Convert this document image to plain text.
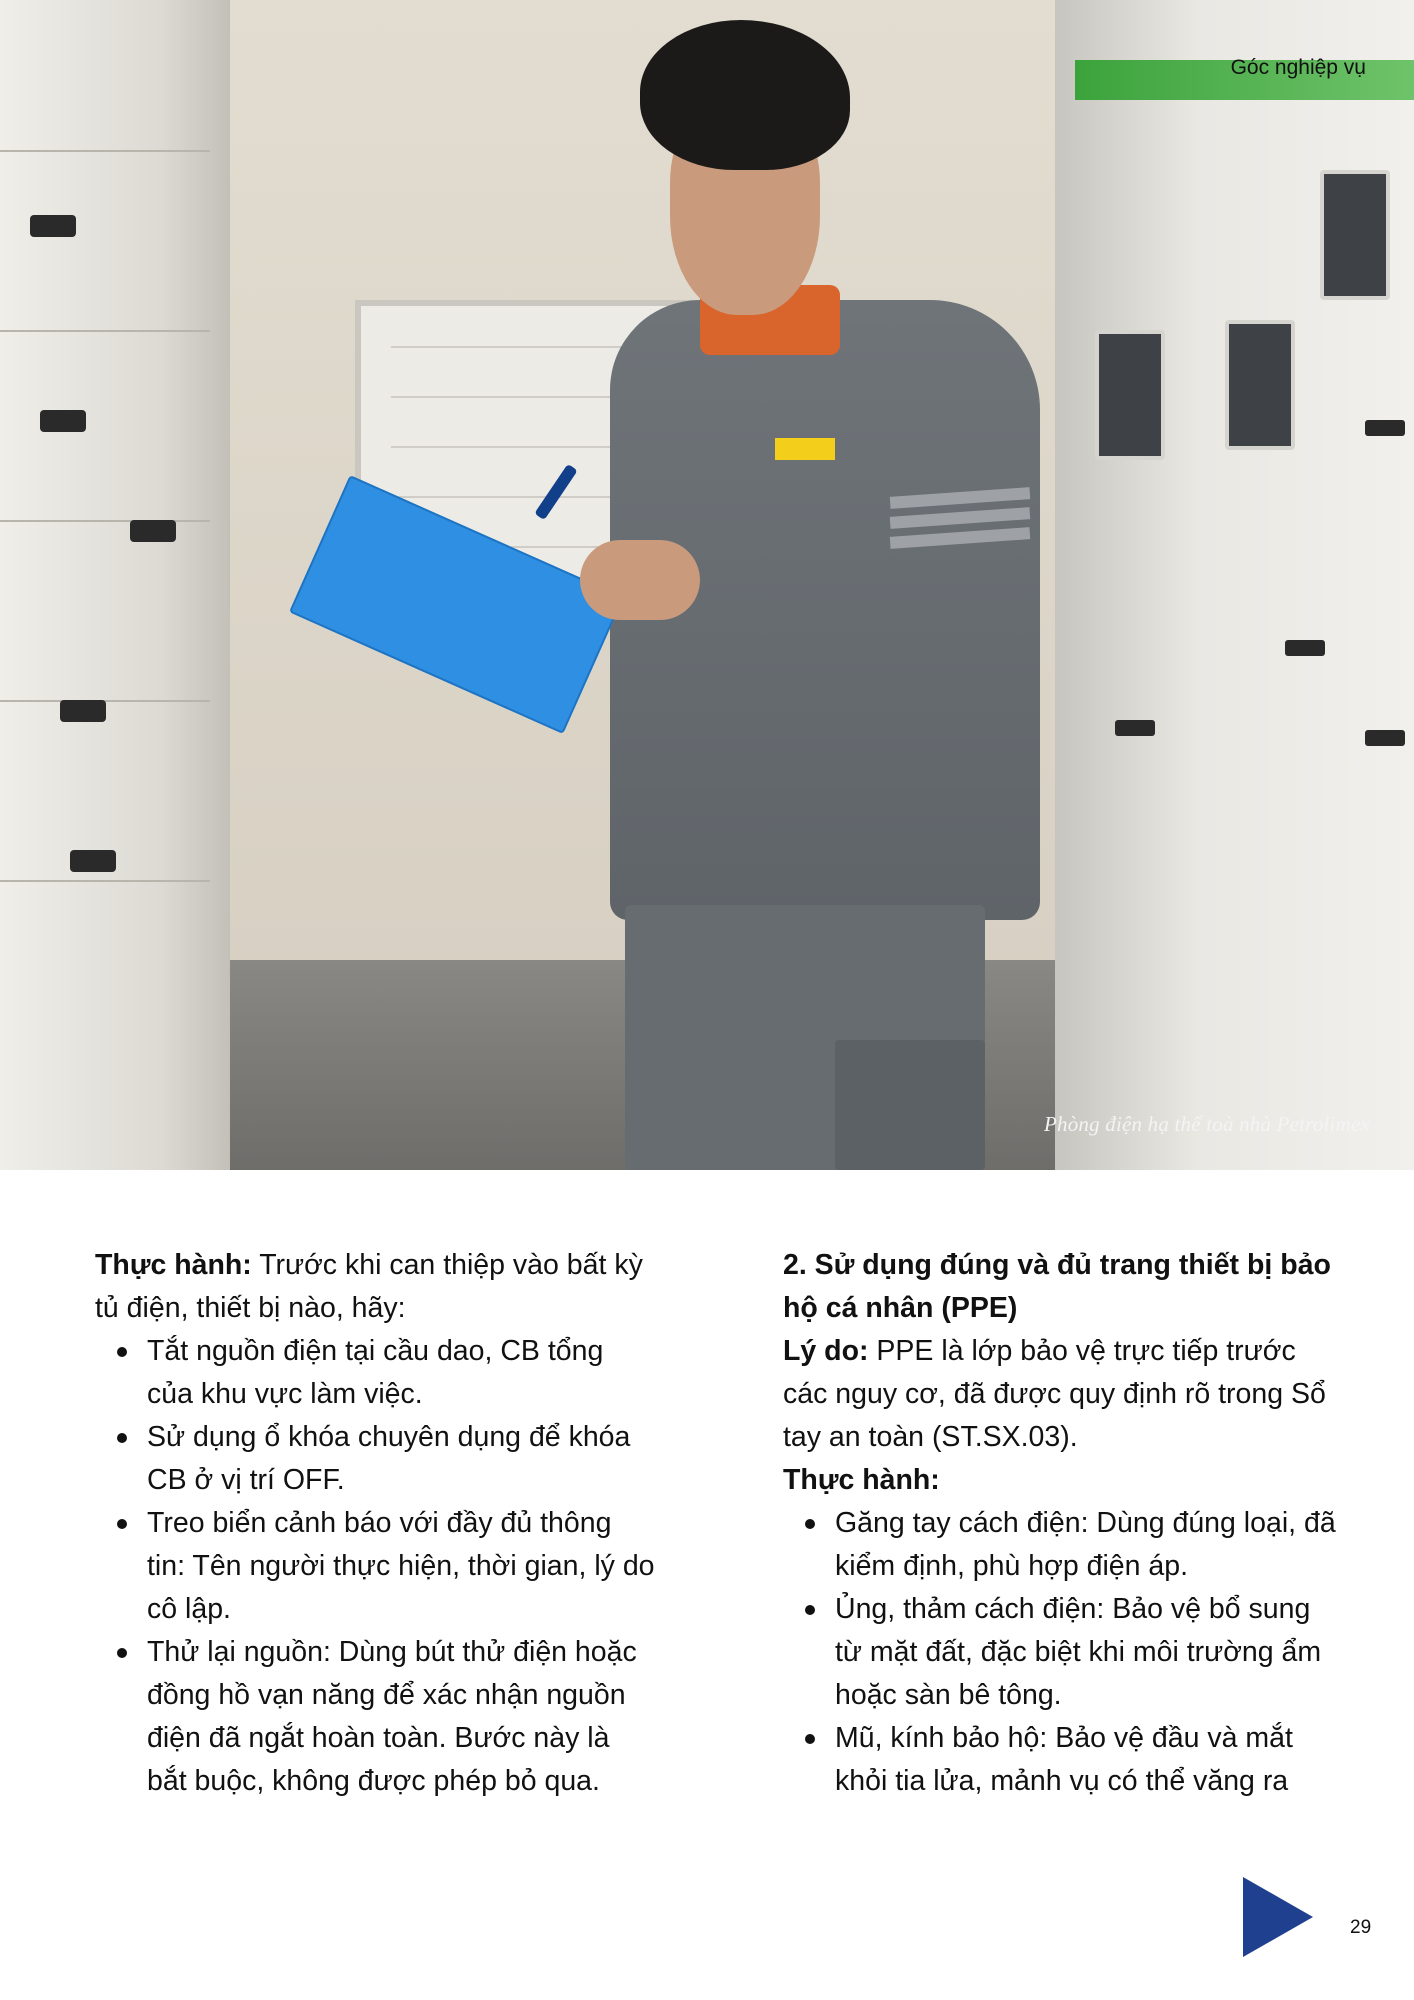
Góc nghiệp vụ
Phòng điện hạ thế toà nhà Petrolimex

Thực hành: Trước khi can thiệp vào bất kỳ tủ điện, thiết bị nào, hãy:

Tắt nguồn điện tại cầu dao, CB tổng của khu vực làm việc.
Sử dụng ổ khóa chuyên dụng để khóa CB ở vị trí OFF.
Treo biển cảnh báo với đầy đủ thông tin: Tên người thực hiện, thời gian, lý do cô lập.
Thử lại nguồn: Dùng bút thử điện hoặc đồng hồ vạn năng để xác nhận nguồn điện đã ngắt hoàn toàn. Bước này là bắt buộc, không được phép bỏ qua.

2. Sử dụng đúng và đủ trang thiết bị bảo hộ cá nhân (PPE)

Lý do: PPE là lớp bảo vệ trực tiếp trước các nguy cơ, đã được quy định rõ trong Sổ tay an toàn (ST.SX.03).

Thực hành:

Găng tay cách điện: Dùng đúng loại, đã kiểm định, phù hợp điện áp.
Ủng, thảm cách điện: Bảo vệ bổ sung từ mặt đất, đặc biệt khi môi trường ẩm hoặc sàn bê tông.
Mũ, kính bảo hộ: Bảo vệ đầu và mắt khỏi tia lửa, mảnh vụ có thể văng ra
29
